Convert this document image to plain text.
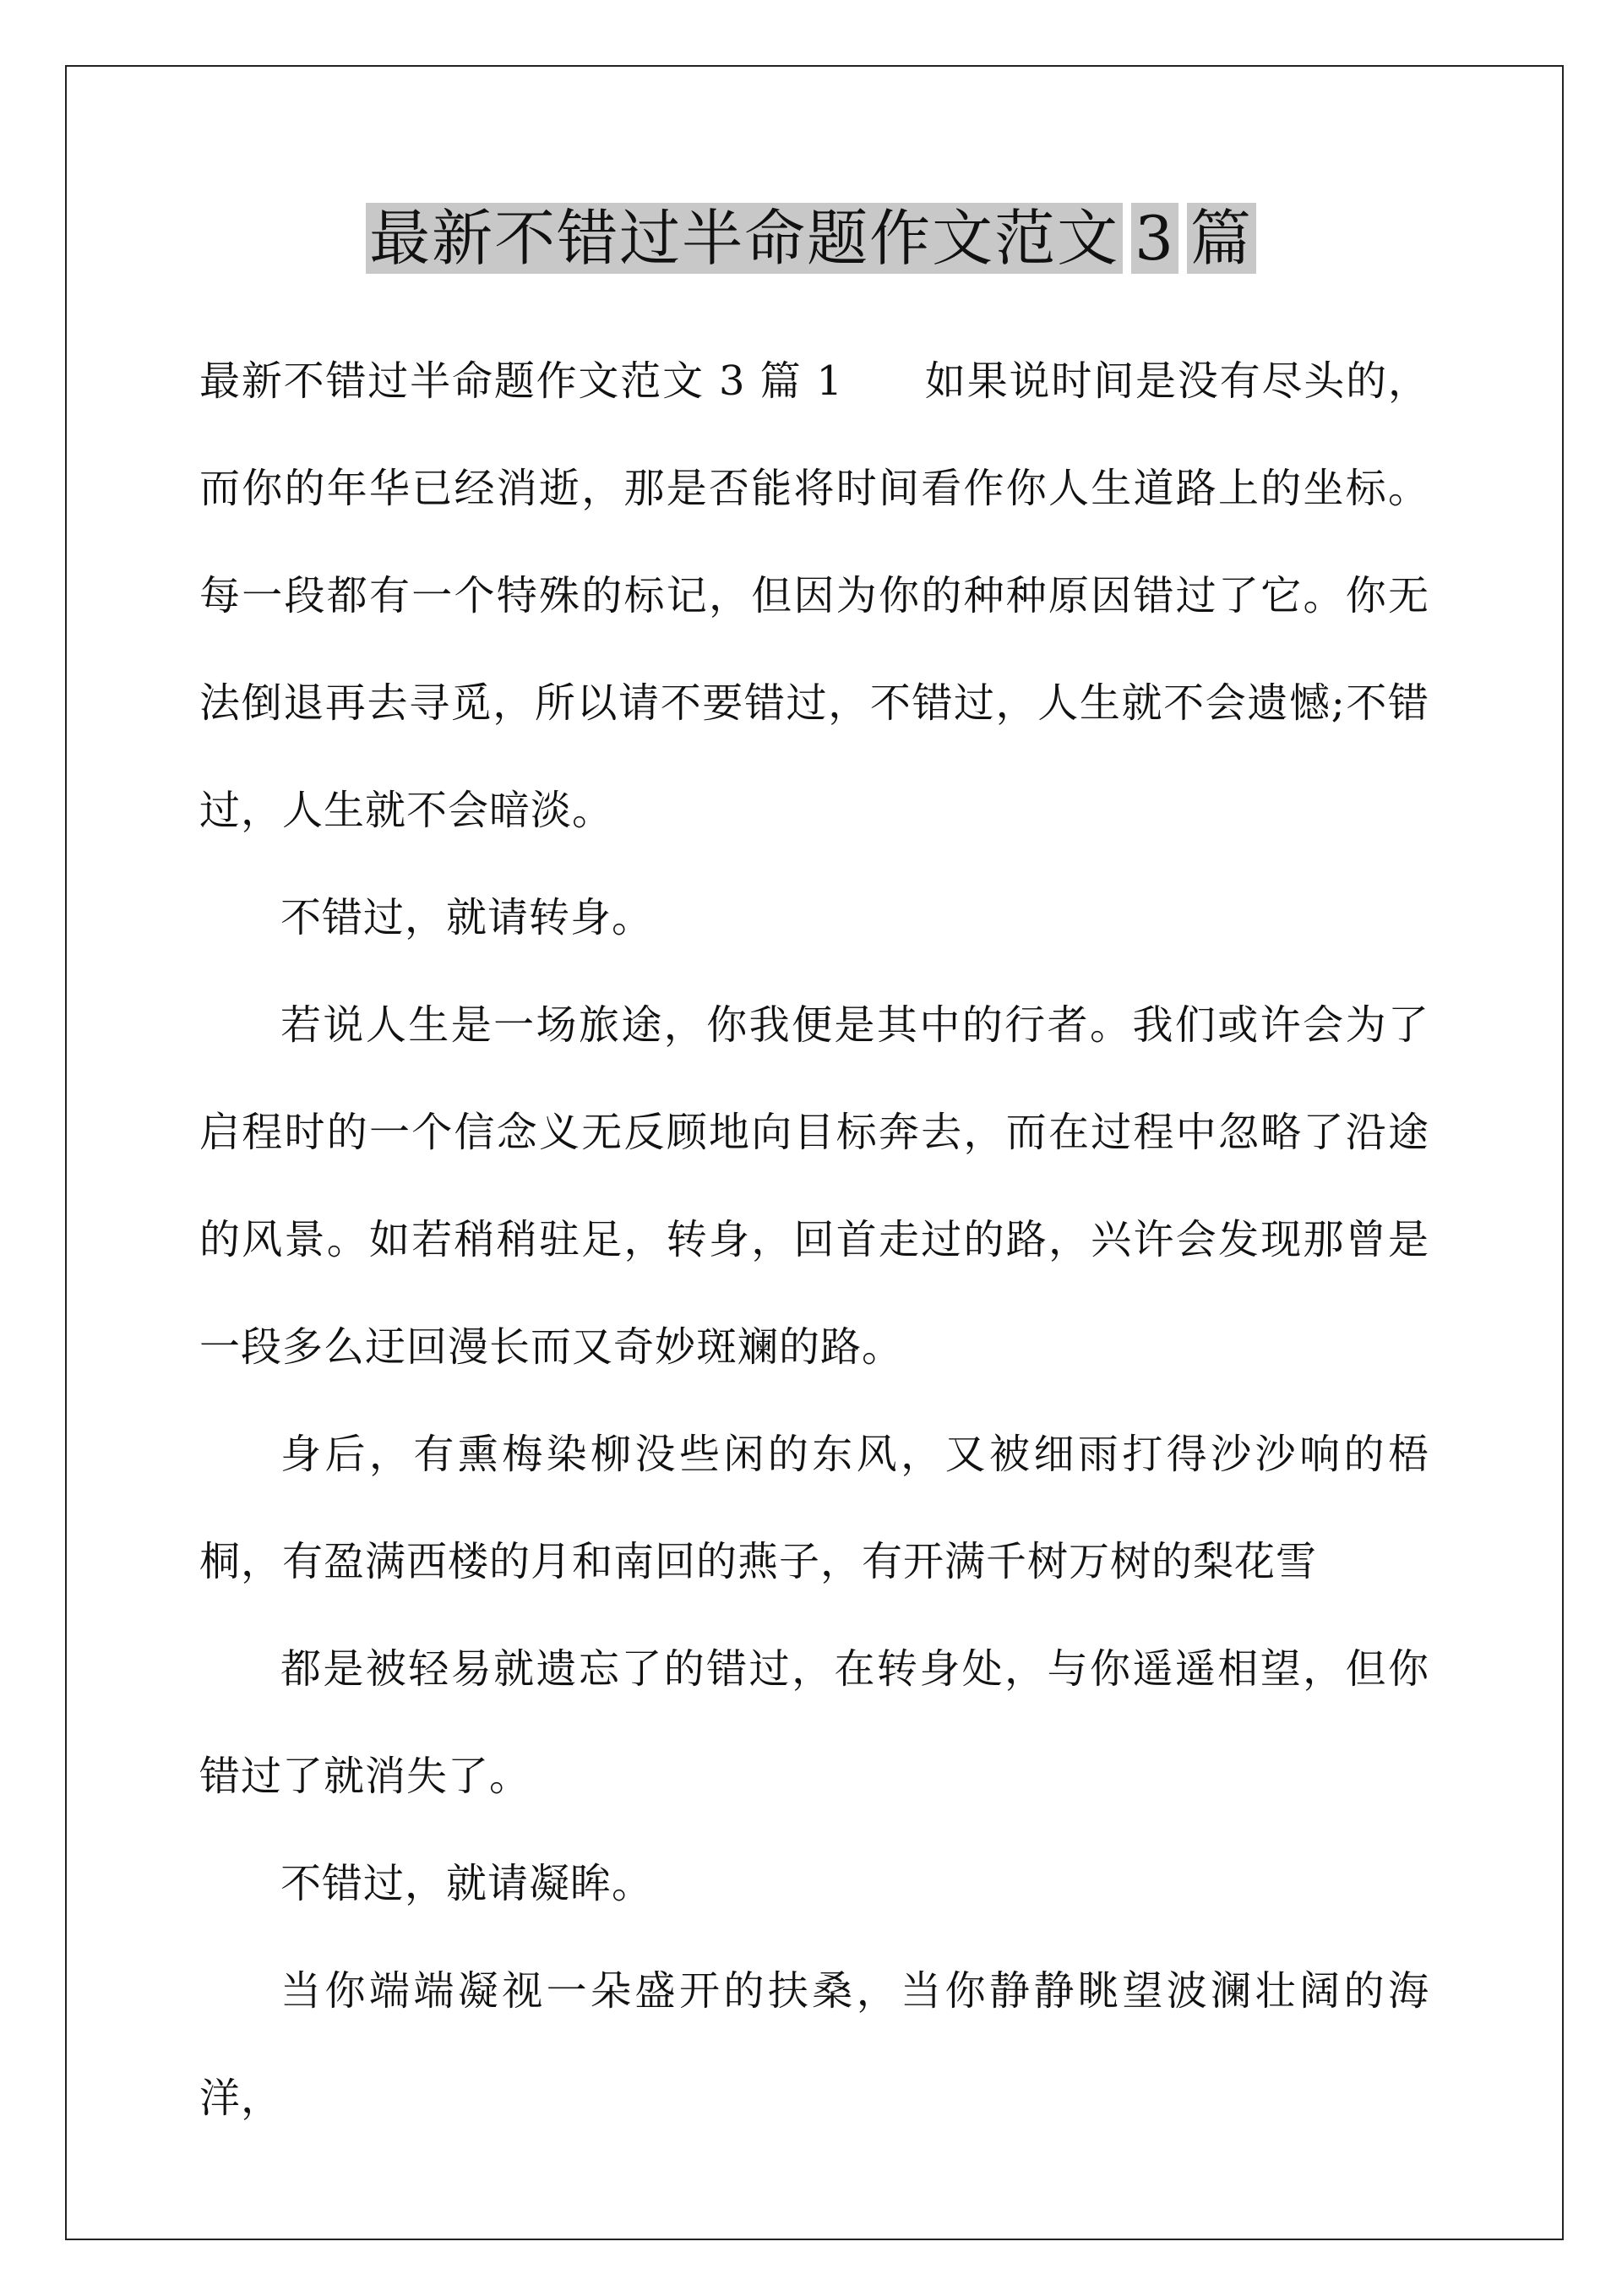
最新不错过半命题作文范文 3 篇

最新不错过半命题作文范文 3 篇 1 如果说时间是没有尽头的，而你的年华已经消逝，那是否能将时间看作你人生道路上的坐标。每一段都有一个特殊的标记，但因为你的种种原因错过了它。你无法倒退再去寻觅，所以请不要错过，不错过，人生就不会遗憾;不错过，人生就不会暗淡。

不错过，就请转身。

若说人生是一场旅途，你我便是其中的行者。我们或许会为了启程时的一个信念义无反顾地向目标奔去，而在过程中忽略了沿途的风景。如若稍稍驻足，转身，回首走过的路，兴许会发现那曾是一段多么迂回漫长而又奇妙斑斓的路。

身后，有熏梅染柳没些闲的东风，又被细雨打得沙沙响的梧桐，有盈满西楼的月和南回的燕子，有开满千树万树的梨花雪

都是被轻易就遗忘了的错过，在转身处，与你遥遥相望，但你错过了就消失了。

不错过，就请凝眸。

当你端端凝视一朵盛开的扶桑，当你静静眺望波澜壮阔的海洋，
